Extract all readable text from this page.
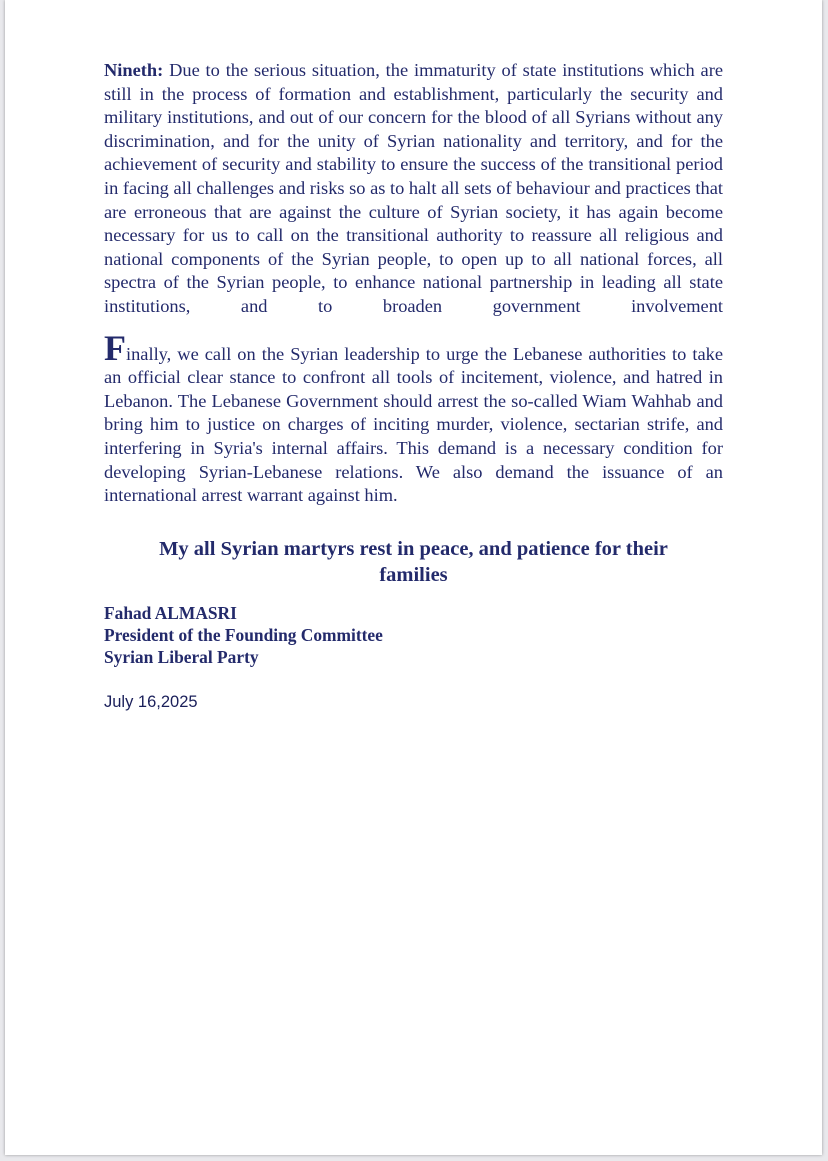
Nineth: Due to the serious situation, the immaturity of state institutions which are still in the process of formation and establishment, particularly the security and military institutions, and out of our concern for the blood of all Syrians without any discrimination, and for the unity of Syrian nationality and territory, and for the achievement of security and stability to ensure the success of the transitional period in facing all challenges and risks so as to halt all sets of behaviour and practices that are erroneous that are against the culture of Syrian society, it has again become necessary for us to call on the transitional authority to reassure all religious and national components of the Syrian people, to open up to all national forces, all spectra of the Syrian people, to enhance national partnership in leading all state institutions, and to broaden government involvement

Finally, we call on the Syrian leadership to urge the Lebanese authorities to take an official clear stance to confront all tools of incitement, violence, and hatred in Lebanon. The Lebanese Government should arrest the so-called Wiam Wahhab and bring him to justice on charges of inciting murder, violence, sectarian strife, and interfering in Syria's internal affairs. This demand is a necessary condition for developing Syrian-Lebanese relations. We also demand the issuance of an international arrest warrant against him.

My all Syrian martyrs rest in peace, and patience for their families
Fahad ALMASRI
President of the Founding Committee
Syrian Liberal Party
July 16,2025
